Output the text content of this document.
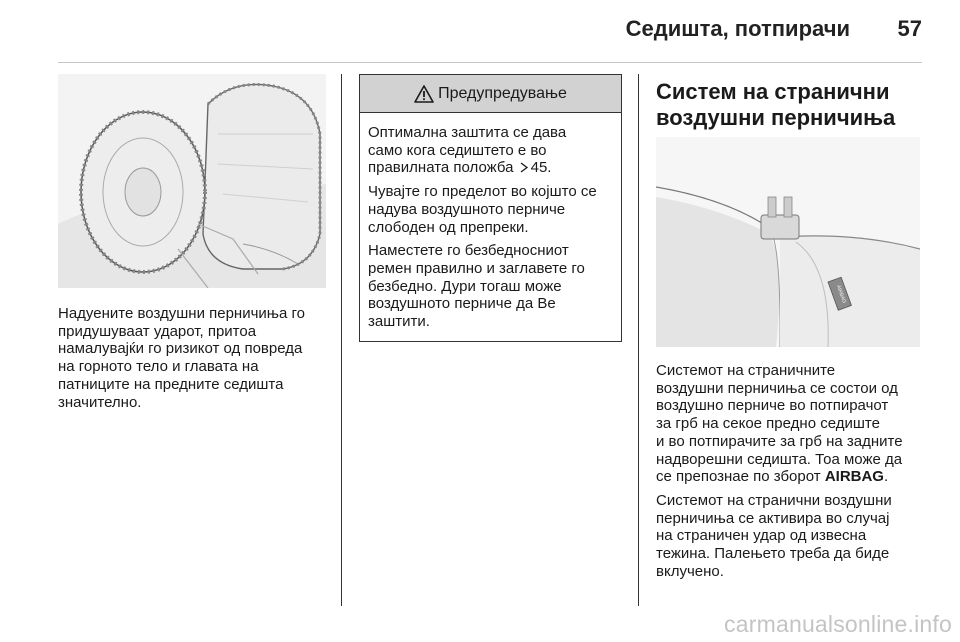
Седишта, потпирачи	57

Надуените воздушни перничиња го
придушуваат ударот, притоа
намалувајќи го ризикот од повреда
на горното тело и главата на
патниците на предните седишта
значително.

Предупредување

Оптимална заштита се дава
само кога седиштето е во
правилната положба 45.

Чувајте го пределот во којшто се
надува воздушното перниче
слободен од препреки.

Наместете го безбедносниот
ремен правилно и заглавете го
безбедно. Дури тогаш може
воздушното перниче да Ве
заштити.

Систем на странични
воздушни перничиња
AIRBAG

Системот на страничните
воздушни перничиња се состои од
воздушно перниче во потпирачот
за грб на секое предно седиште
и во потпирачите за грб на задните
надворешни седишта. Тоа може да
се препознае по зборот AIRBAG.

Системот на странични воздушни
перничиња се активира во случај
на страничен удар од извесна
тежина. Палењето треба да биде
вклучено.

carmanualsonline.info
